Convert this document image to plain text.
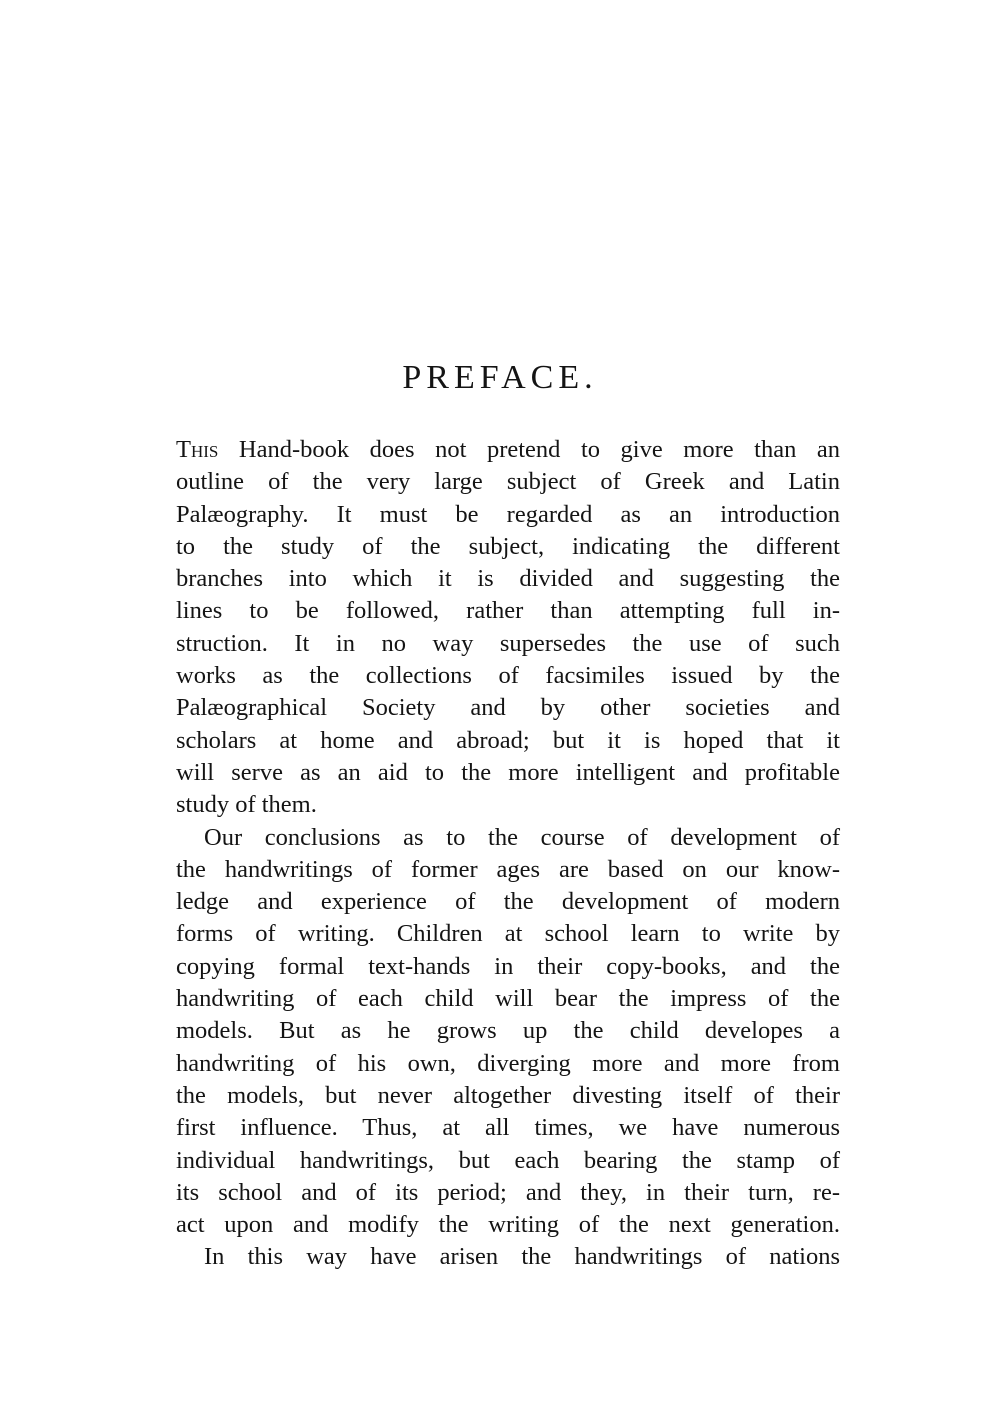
PREFACE.
This Hand-book does not pretend to give more than an
outline of the very large subject of Greek and Latin
Palæography. It must be regarded as an introduction
to the study of the subject, indicating the different
branches into which it is divided and suggesting the
lines to be followed, rather than attempting full in-
struction. It in no way supersedes the use of such
works as the collections of facsimiles issued by the
Palæographical Society and by other societies and
scholars at home and abroad; but it is hoped that it
will serve as an aid to the more intelligent and profitable
study of them.
Our conclusions as to the course of development of
the handwritings of former ages are based on our know-
ledge and experience of the development of modern
forms of writing. Children at school learn to write by
copying formal text-hands in their copy-books, and the
handwriting of each child will bear the impress of the
models. But as he grows up the child developes a
handwriting of his own, diverging more and more from
the models, but never altogether divesting itself of their
first influence. Thus, at all times, we have numerous
individual handwritings, but each bearing the stamp of
its school and of its period; and they, in their turn, re-
act upon and modify the writing of the next generation.
In this way have arisen the handwritings of nations
